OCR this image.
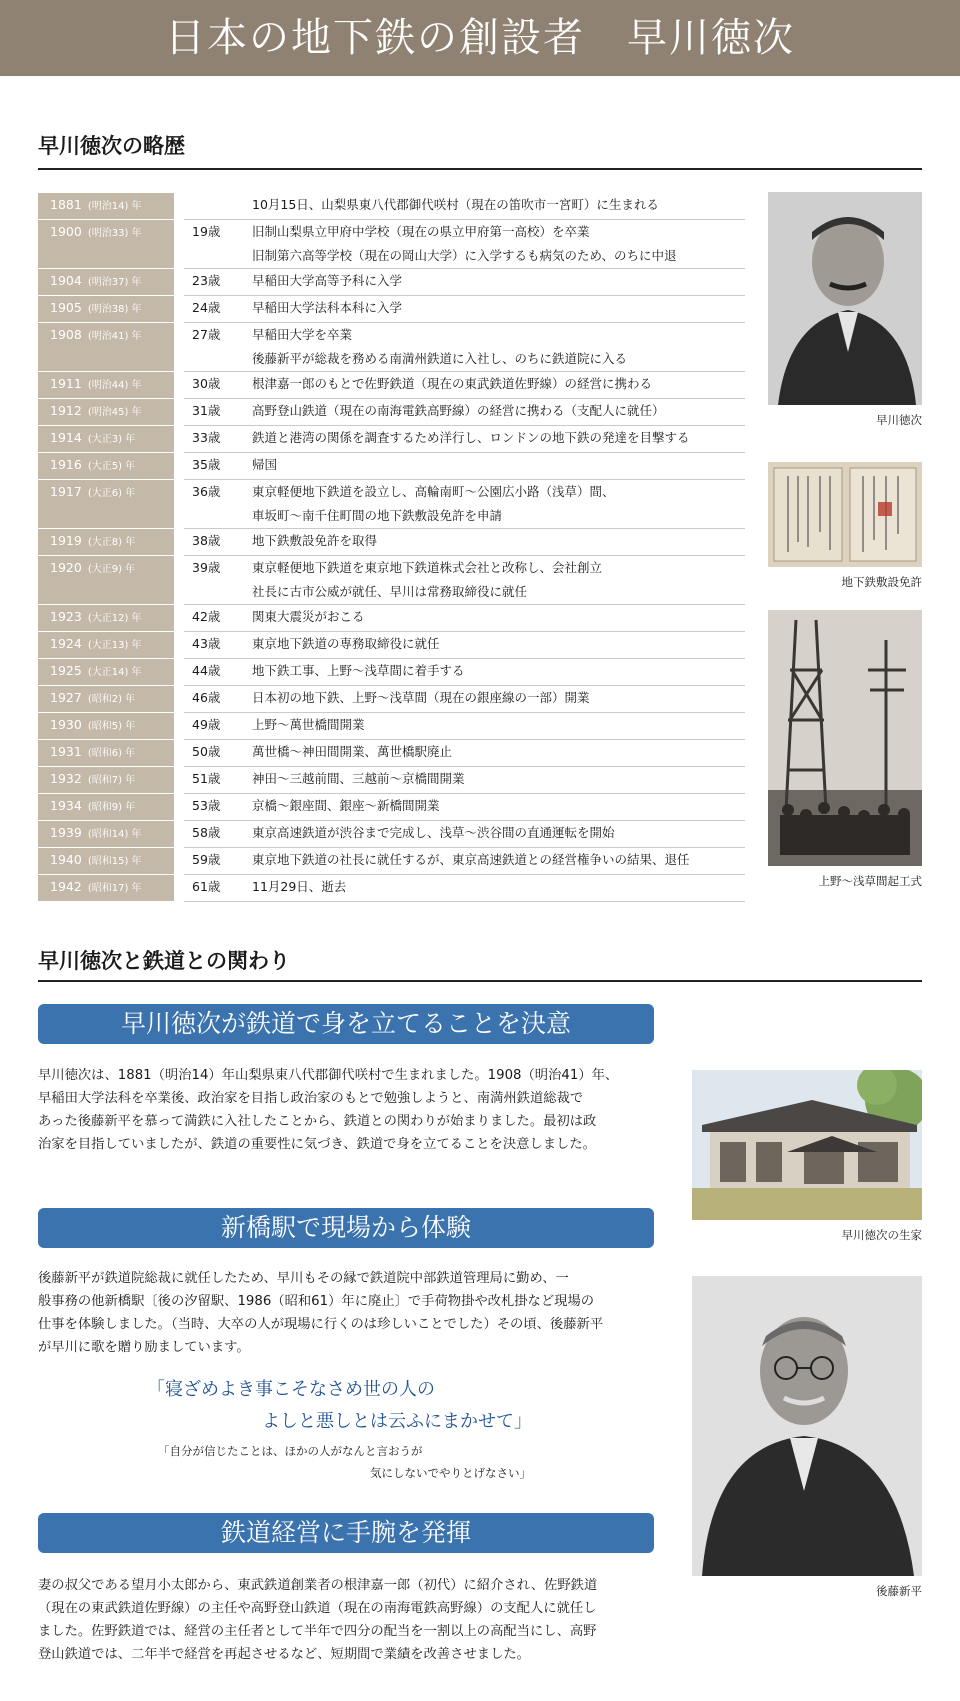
日本の地下鉄の創設者　早川徳次
早川徳次の略歴
1881 (明治14) 年			10月15日、山梨県東八代郡御代咲村（現在の笛吹市一宮町）に生まれる

1900 (明治33) 年		19歳	旧制山梨県立甲府中学校（現在の県立甲府第一高校）を卒業
旧制第六高等学校（現在の岡山大学）に入学するも病気のため、のちに中退

1904 (明治37) 年		23歳	早稲田大学高等予科に入学

1905 (明治38) 年		24歳	早稲田大学法科本科に入学

1908 (明治41) 年		27歳	早稲田大学を卒業
後藤新平が総裁を務める南満州鉄道に入社し、のちに鉄道院に入る

1911 (明治44) 年		30歳	根津嘉一郎のもとで佐野鉄道（現在の東武鉄道佐野線）の経営に携わる

1912 (明治45) 年		31歳	高野登山鉄道（現在の南海電鉄高野線）の経営に携わる（支配人に就任）

1914 (大正3) 年		33歳	鉄道と港湾の関係を調査するため洋行し、ロンドンの地下鉄の発達を目撃する

1916 (大正5) 年		35歳	帰国

1917 (大正6) 年		36歳	東京軽便地下鉄道を設立し、高輪南町～公園広小路（浅草）間、
車坂町～南千住町間の地下鉄敷設免許を申請

1919 (大正8) 年		38歳	地下鉄敷設免許を取得

1920 (大正9) 年		39歳	東京軽便地下鉄道を東京地下鉄道株式会社と改称し、会社創立
社長に古市公威が就任、早川は常務取締役に就任

1923 (大正12) 年		42歳	関東大震災がおこる

1924 (大正13) 年		43歳	東京地下鉄道の専務取締役に就任

1925 (大正14) 年		44歳	地下鉄工事、上野～浅草間に着手する

1927 (昭和2) 年		46歳	日本初の地下鉄、上野～浅草間（現在の銀座線の一部）開業

1930 (昭和5) 年		49歳	上野～萬世橋間開業

1931 (昭和6) 年		50歳	萬世橋～神田間開業、萬世橋駅廃止

1932 (昭和7) 年		51歳	神田～三越前間、三越前～京橋間開業

1934 (昭和9) 年		53歳	京橋～銀座間、銀座～新橋間開業

1939 (昭和14) 年		58歳	東京高速鉄道が渋谷まで完成し、浅草～渋谷間の直通運転を開始

1940 (昭和15) 年		59歳	東京地下鉄道の社長に就任するが、東京高速鉄道との経営権争いの結果、退任

1942 (昭和17) 年		61歳	11月29日、逝去
早川徳次
地下鉄敷設免許
上野～浅草間起工式
早川徳次と鉄道との関わり
早川徳次が鉄道で身を立てることを決意
早川徳次は、1881（明治14）年山梨県東八代郡御代咲村で生まれました。1908（明治41）年、
早稲田大学法科を卒業後、政治家を目指し政治家のもとで勉強しようと、南満州鉄道総裁で
あった後藤新平を慕って満鉄に入社したことから、鉄道との関わりが始まりました。最初は政
治家を目指していましたが、鉄道の重要性に気づき、鉄道で身を立てることを決意しました。
早川徳次の生家
新橋駅で現場から体験
後藤新平が鉄道院総裁に就任したため、早川もその縁で鉄道院中部鉄道管理局に勤め、一
般事務の他新橋駅〔後の汐留駅、1986（昭和61）年に廃止〕で手荷物掛や改札掛など現場の
仕事を体験しました。（当時、大卒の人が現場に行くのは珍しいことでした）その頃、後藤新平
が早川に歌を贈り励ましています。
「寝ざめよき事こそなさめ世の人の
よしと悪しとは云ふにまかせて」
「自分が信じたことは、ほかの人がなんと言おうが
気にしないでやりとげなさい」
後藤新平
鉄道経営に手腕を発揮
妻の叔父である望月小太郎から、東武鉄道創業者の根津嘉一郎（初代）に紹介され、佐野鉄道
（現在の東武鉄道佐野線）の主任や高野登山鉄道（現在の南海電鉄高野線）の支配人に就任し
ました。佐野鉄道では、経営の主任者として半年で四分の配当を一割以上の高配当にし、高野
登山鉄道では、二年半で経営を再起させるなど、短期間で業績を改善させました。
